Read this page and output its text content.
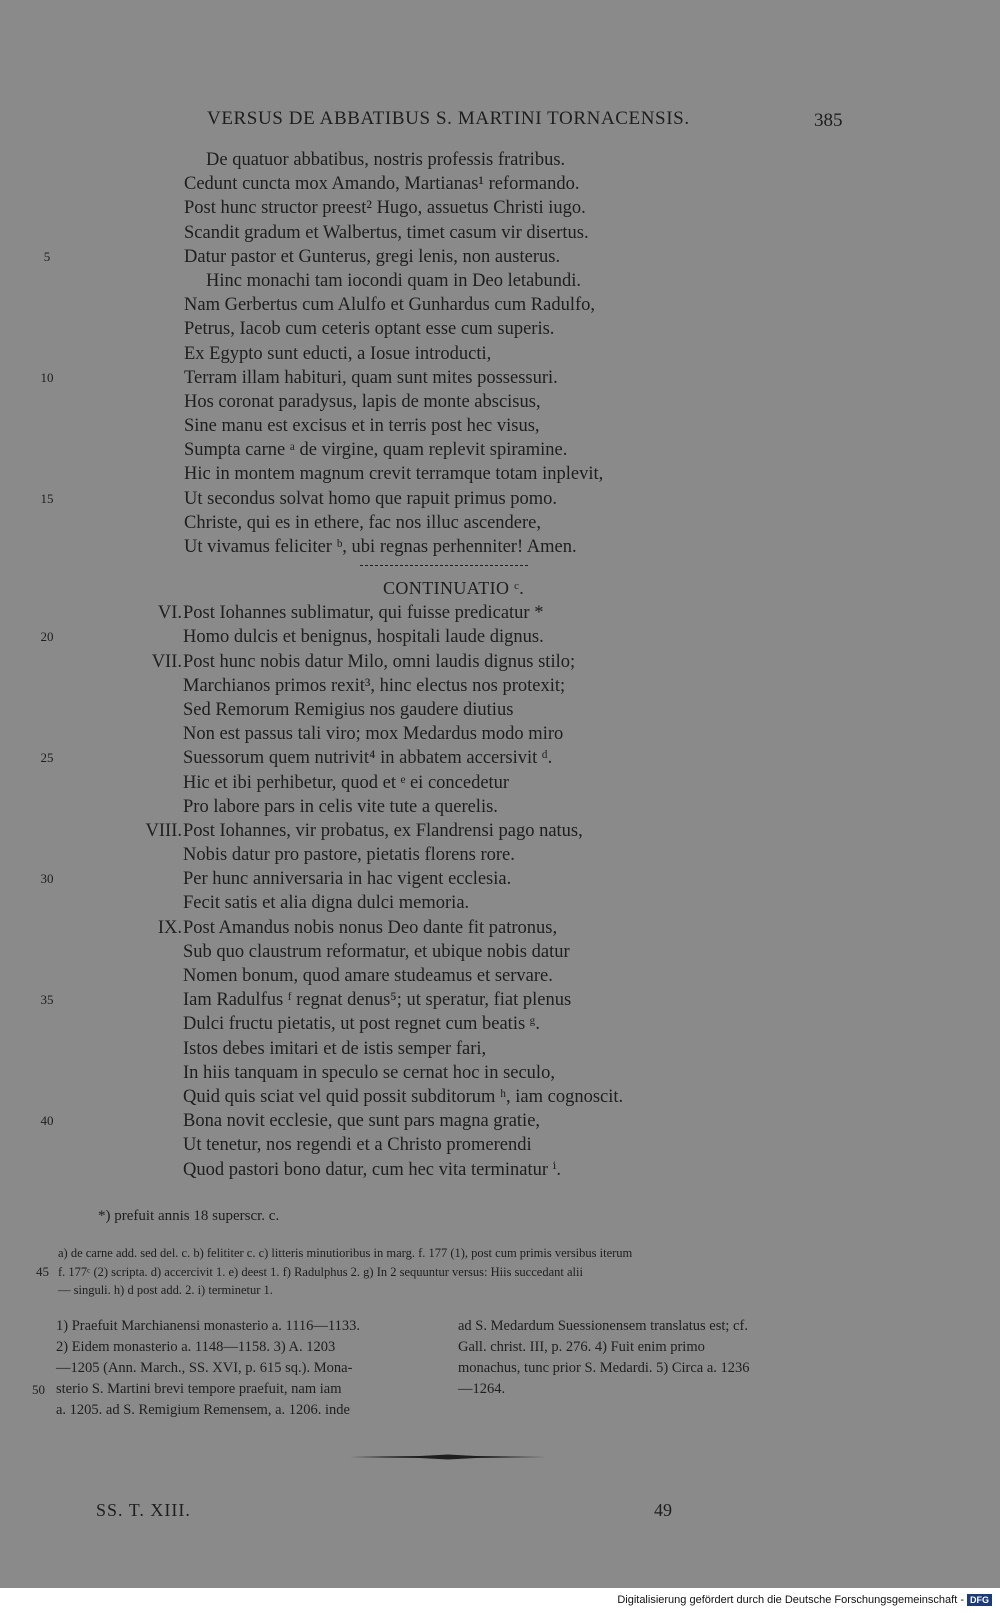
VERSUS DE ABBATIBUS S. MARTINI TORNACENSIS.	385
De quatuor abbatibus, nostris professis fratribus.
Cedunt cuncta mox Amando, Martianas¹ reformando.
Post hunc structor preest² Hugo, assuetus Christi iugo.
Scandit gradum et Walbertus, timet casum vir disertus.
5	Datur pastor et Gunterus, gregi lenis, non austerus.
Hinc monachi tam iocondi quam in Deo letabundi.
Nam Gerbertus cum Alulfo et Gunhardus cum Radulfo,
Petrus, Iacob cum ceteris optant esse cum superis.
Ex Egypto sunt educti, a Iosue introducti,
10	Terram illam habituri, quam sunt mites possessuri.
Hos coronat paradysus, lapis de monte abscisus,
Sine manu est excisus et in terris post hec visus,
Sumpta carne ᵃ de virgine, quam replevit spiramine.
Hic in montem magnum crevit terramque totam inplevit,
15	Ut secondus solvat homo que rapuit primus pomo.
Christe, qui es in ethere, fac nos illuc ascendere,
Ut vivamus feliciter ᵇ, ubi regnas perhenniter! Amen.
CONTINUATIO ᶜ.
VI. Post Iohannes sublimatur, qui fuisse predicatur *
20	Homo dulcis et benignus, hospitali laude dignus.
VII. Post hunc nobis datur Milo, omni laudis dignus stilo;
Marchianos primos rexit³, hinc electus nos protexit;
Sed Remorum Remigius nos gaudere diutius
Non est passus tali viro; mox Medardus modo miro
25	Suessorum quem nutrivit⁴ in abbatem accersivit ᵈ.
Hic et ibi perhibetur, quod et ᵉ ei concedetur
Pro labore pars in celis vite tute a querelis.
VIII. Post Iohannes, vir probatus, ex Flandrensi pago natus,
Nobis datur pro pastore, pietatis florens rore.
30	Per hunc anniversaria in hac vigent ecclesia.
Fecit satis et alia digna dulci memoria.
IX. Post Amandus nobis nonus Deo dante fit patronus,
Sub quo claustrum reformatur, et ubique nobis datur
Nomen bonum, quod amare studeamus et servare.
35	Iam Radulfus ᶠ regnat denus⁵; ut speratur, fiat plenus
Dulci fructu pietatis, ut post regnet cum beatis ᵍ.
Istos debes imitari et de istis semper fari,
In hiis tanquam in speculo se cernat hoc in seculo,
Quid quis sciat vel quid possit subditorum ʰ, iam cognoscit.
40	Bona novit ecclesie, que sunt pars magna gratie,
Ut tenetur, nos regendi et a Christo promerendi
Quod pastori bono datur, cum hec vita terminatur ⁱ.
*) prefuit annis 18 superscr. c.
a) de carne add. sed del. c. b) felititer c. c) litteris minutioribus in marg. f. 177 (1), post cum primis versibus iterum
45 f. 177ᶜ (2) scripta. d) accercivit 1. e) deest 1. f) Radulphus 2. g) In 2 sequuntur versus: Hiis succedant alii
— singuli. h) d post add. 2. i) terminetur 1.
1) Praefuit Marchianensi monasterio a. 1116—1133.
2) Eidem monasterio a. 1148—1158. 3) A. 1203
—1205 (Ann. March., SS. XVI, p. 615 sq.). Mona-
50 sterio S. Martini brevi tempore praefuit, nam iam
a. 1205. ad S. Remigium Remensem, a. 1206. inde
ad S. Medardum Suessionensem translatus est; cf.
Gall. christ. III, p. 276. 4) Fuit enim primo
monachus, tunc prior S. Medardi. 5) Circa a. 1236
—1264.
SS. T. XIII.	49
Digitalisierung gefördert durch die Deutsche Forschungsgemeinschaft - DFG
